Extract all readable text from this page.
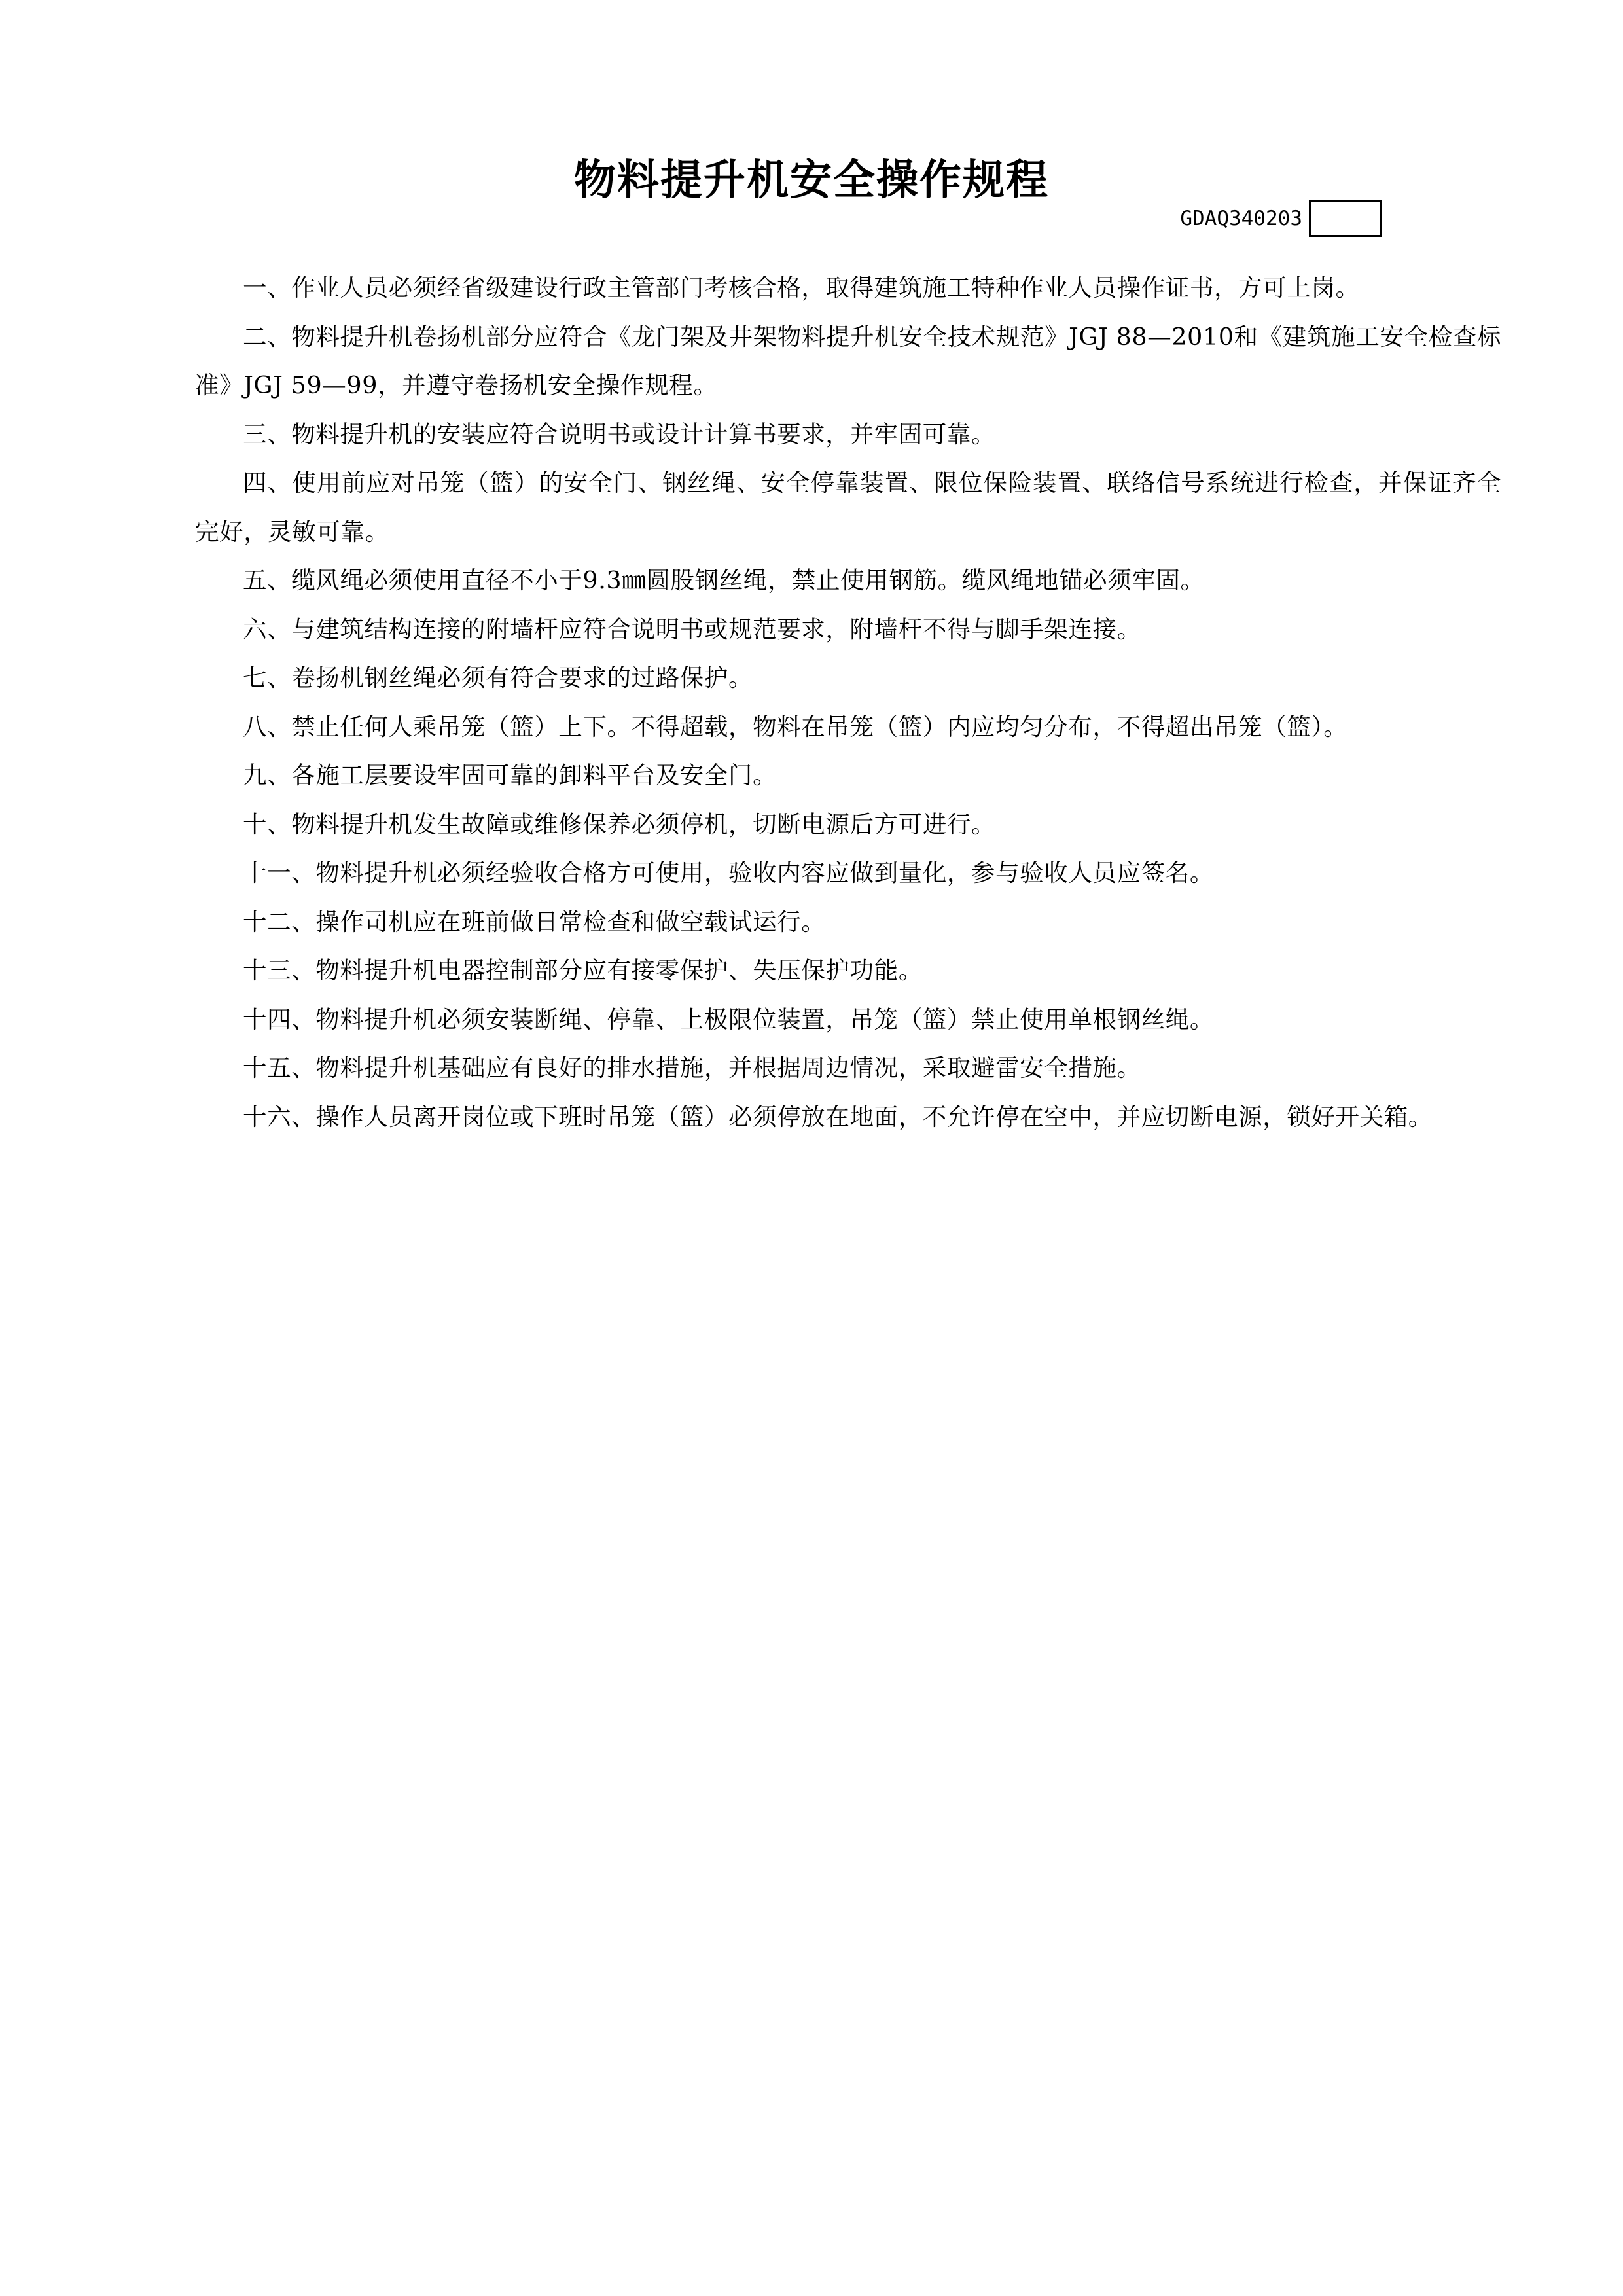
物料提升机安全操作规程
GDAQ340203

一、作业人员必须经省级建设行政主管部门考核合格，取得建筑施工特种作业人员操作证书，方可上岗。

二、物料提升机卷扬机部分应符合《龙门架及井架物料提升机安全技术规范》JGJ 88—2010和《建筑施工安全检查标准》JGJ 59—99，并遵守卷扬机安全操作规程。

三、物料提升机的安装应符合说明书或设计计算书要求，并牢固可靠。

四、使用前应对吊笼（篮）的安全门、钢丝绳、安全停靠装置、限位保险装置、联络信号系统进行检查，并保证齐全完好，灵敏可靠。

五、缆风绳必须使用直径不小于9.3㎜圆股钢丝绳，禁止使用钢筋。缆风绳地锚必须牢固。

六、与建筑结构连接的附墙杆应符合说明书或规范要求，附墙杆不得与脚手架连接。

七、卷扬机钢丝绳必须有符合要求的过路保护。

八、禁止任何人乘吊笼（篮）上下。不得超载，物料在吊笼（篮）内应均匀分布，不得超出吊笼（篮）。

九、各施工层要设牢固可靠的卸料平台及安全门。

十、物料提升机发生故障或维修保养必须停机，切断电源后方可进行。

十一、物料提升机必须经验收合格方可使用，验收内容应做到量化，参与验收人员应签名。

十二、操作司机应在班前做日常检查和做空载试运行。

十三、物料提升机电器控制部分应有接零保护、失压保护功能。

十四、物料提升机必须安装断绳、停靠、上极限位装置，吊笼（篮）禁止使用单根钢丝绳。

十五、物料提升机基础应有良好的排水措施，并根据周边情况，采取避雷安全措施。

十六、操作人员离开岗位或下班时吊笼（篮）必须停放在地面，不允许停在空中，并应切断电源，锁好开关箱。
